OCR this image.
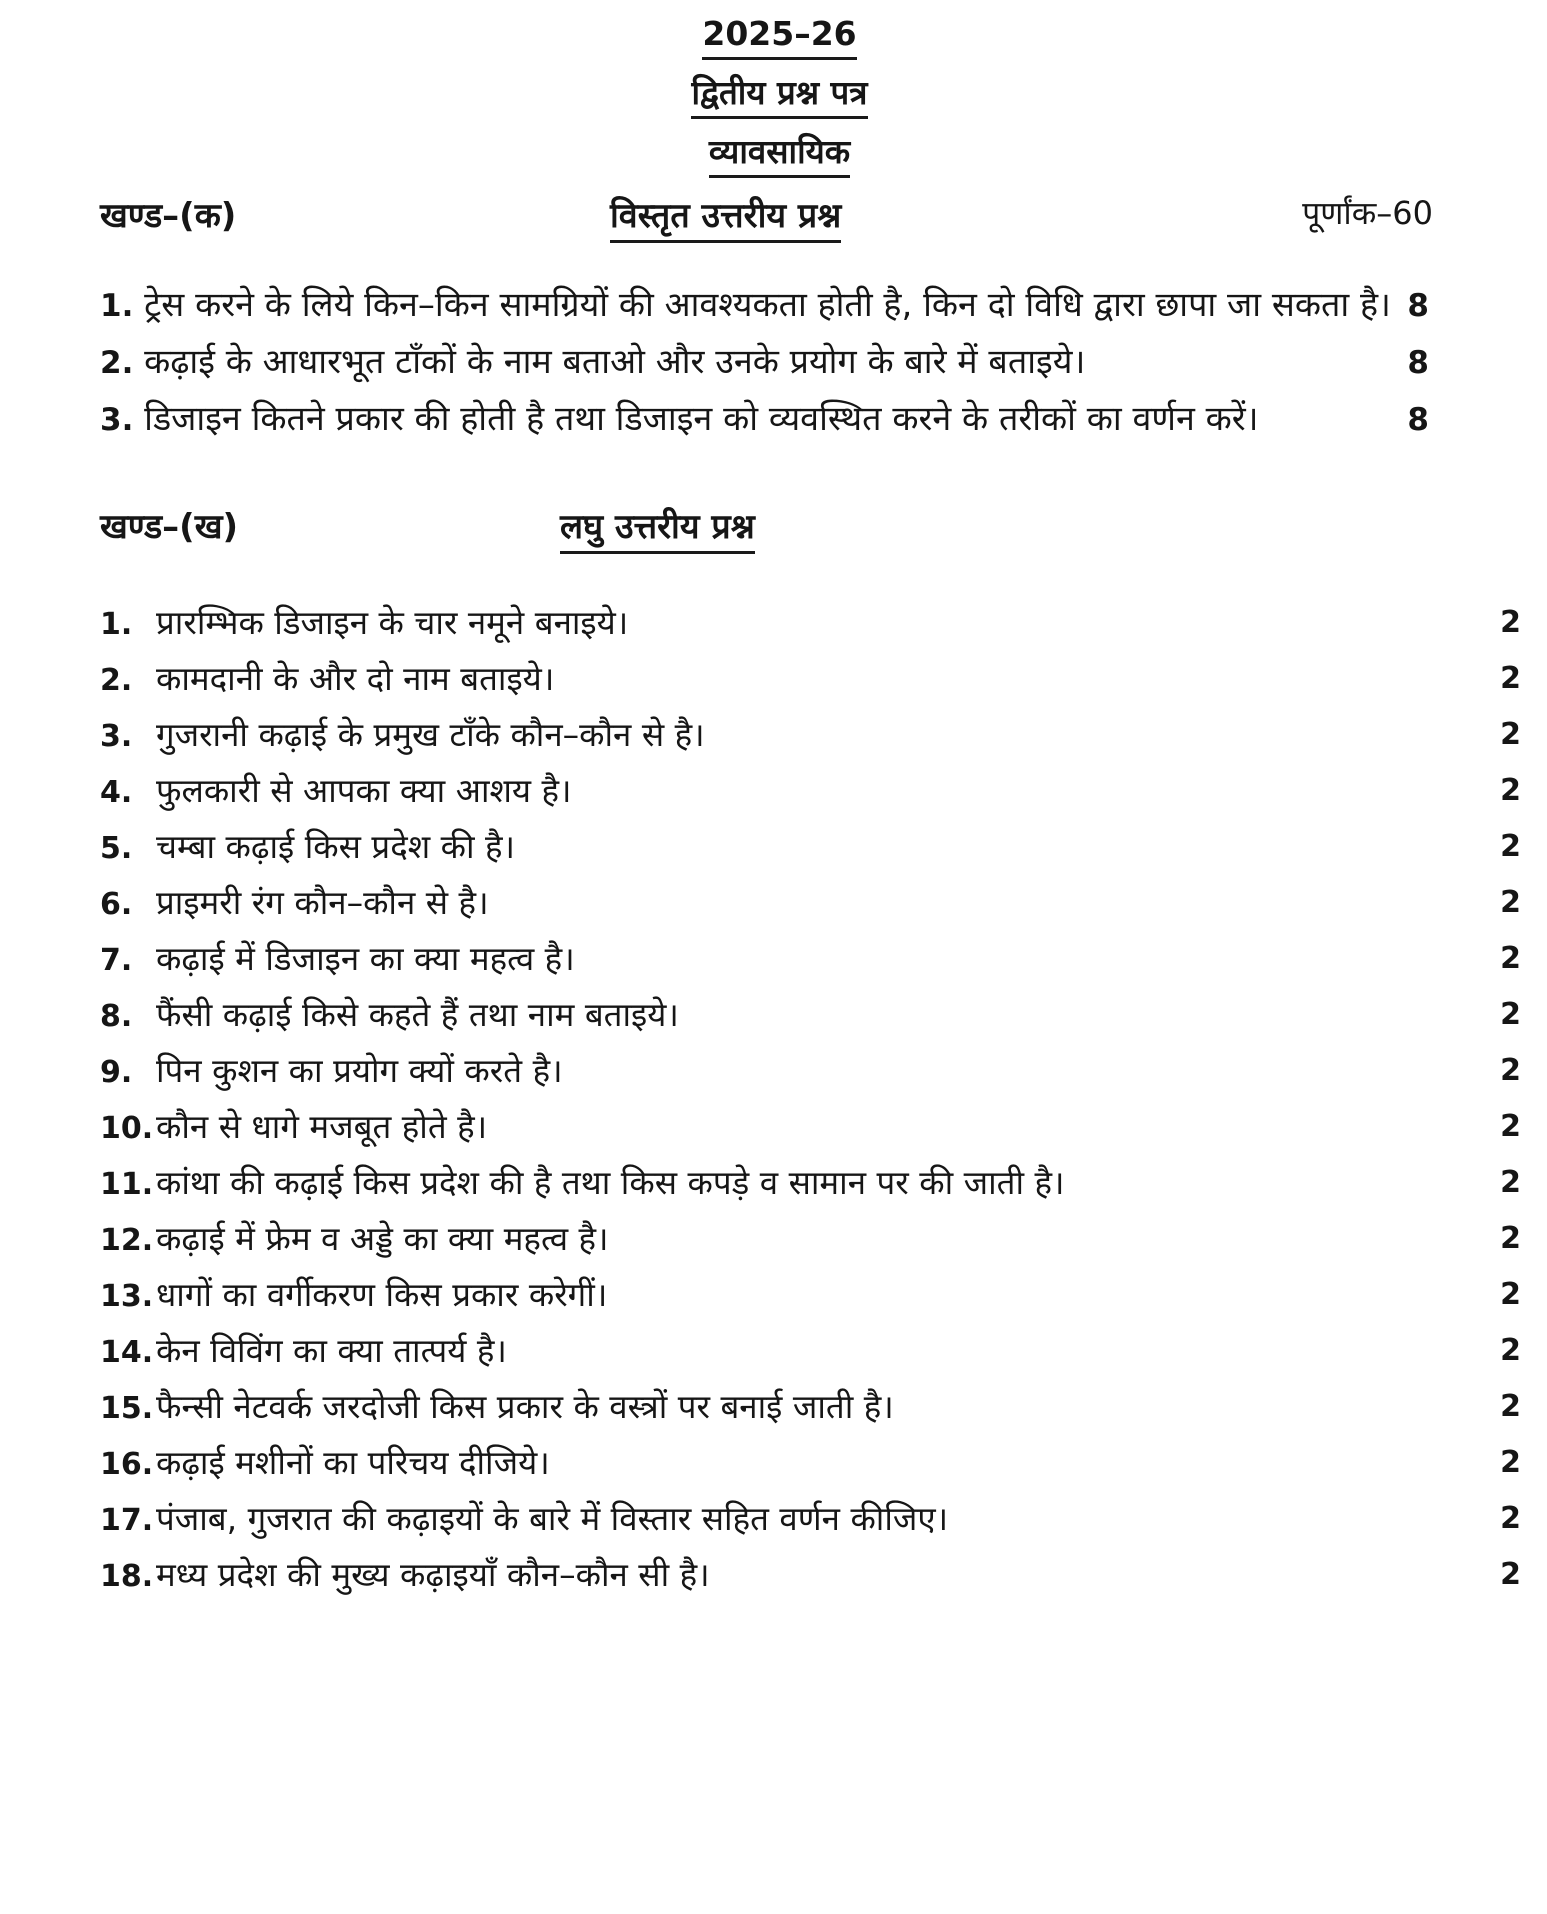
2025–26
द्वितीय प्रश्न पत्र
व्यावसायिक
खण्ड–(क)	विस्तृत उत्तरीय प्रश्न	पूर्णांक–60

1. ट्रेस करने के लिये किन–किन सामग्रियों की आवश्यकता होती है, किन दो विधि द्वारा छापा जा सकता है। 8

2. कढ़ाई के आधारभूत टाँकों के नाम बताओ और उनके प्रयोग के बारे में बताइये।	8

3. डिजाइन कितने प्रकार की होती है तथा डिजाइन को व्यवस्थित करने के तरीकों का वर्णन करें।	8
खण्ड–(ख)	लघु उत्तरीय प्रश्न
1. प्रारम्भिक डिजाइन के चार नमूने बनाइये।	2
2. कामदानी के और दो नाम बताइये।	2
3. गुजरानी कढ़ाई के प्रमुख टाँके कौन–कौन से है।	2
4. फुलकारी से आपका क्या आशय है।	2
5. चम्बा कढ़ाई किस प्रदेश की है।	2
6. प्राइमरी रंग कौन–कौन से है।	2
7. कढ़ाई में डिजाइन का क्या महत्व है।	2
8. फैंसी कढ़ाई किसे कहते हैं तथा नाम बताइये।	2
9. पिन कुशन का प्रयोग क्यों करते है।	2
10.कौन से धागे मजबूत होते है।	2
11.कांथा की कढ़ाई किस प्रदेश की है तथा किस कपड़े व सामान पर की जाती है।	2
12.कढ़ाई में फ्रेम व अड्डे का क्या महत्व है।	2
13.धागों का वर्गीकरण किस प्रकार करेगीं।	2
14.केन विविंग का क्या तात्पर्य है।	2
15.फैन्सी नेटवर्क जरदोजी किस प्रकार के वस्त्रों पर बनाई जाती है।	2
16.कढ़ाई मशीनों का परिचय दीजिये।	2
17.पंजाब, गुजरात की कढ़ाइयों के बारे में विस्तार सहित वर्णन कीजिए।	2
18.मध्य प्रदेश की मुख्य कढ़ाइयाँ कौन–कौन सी है।	2
